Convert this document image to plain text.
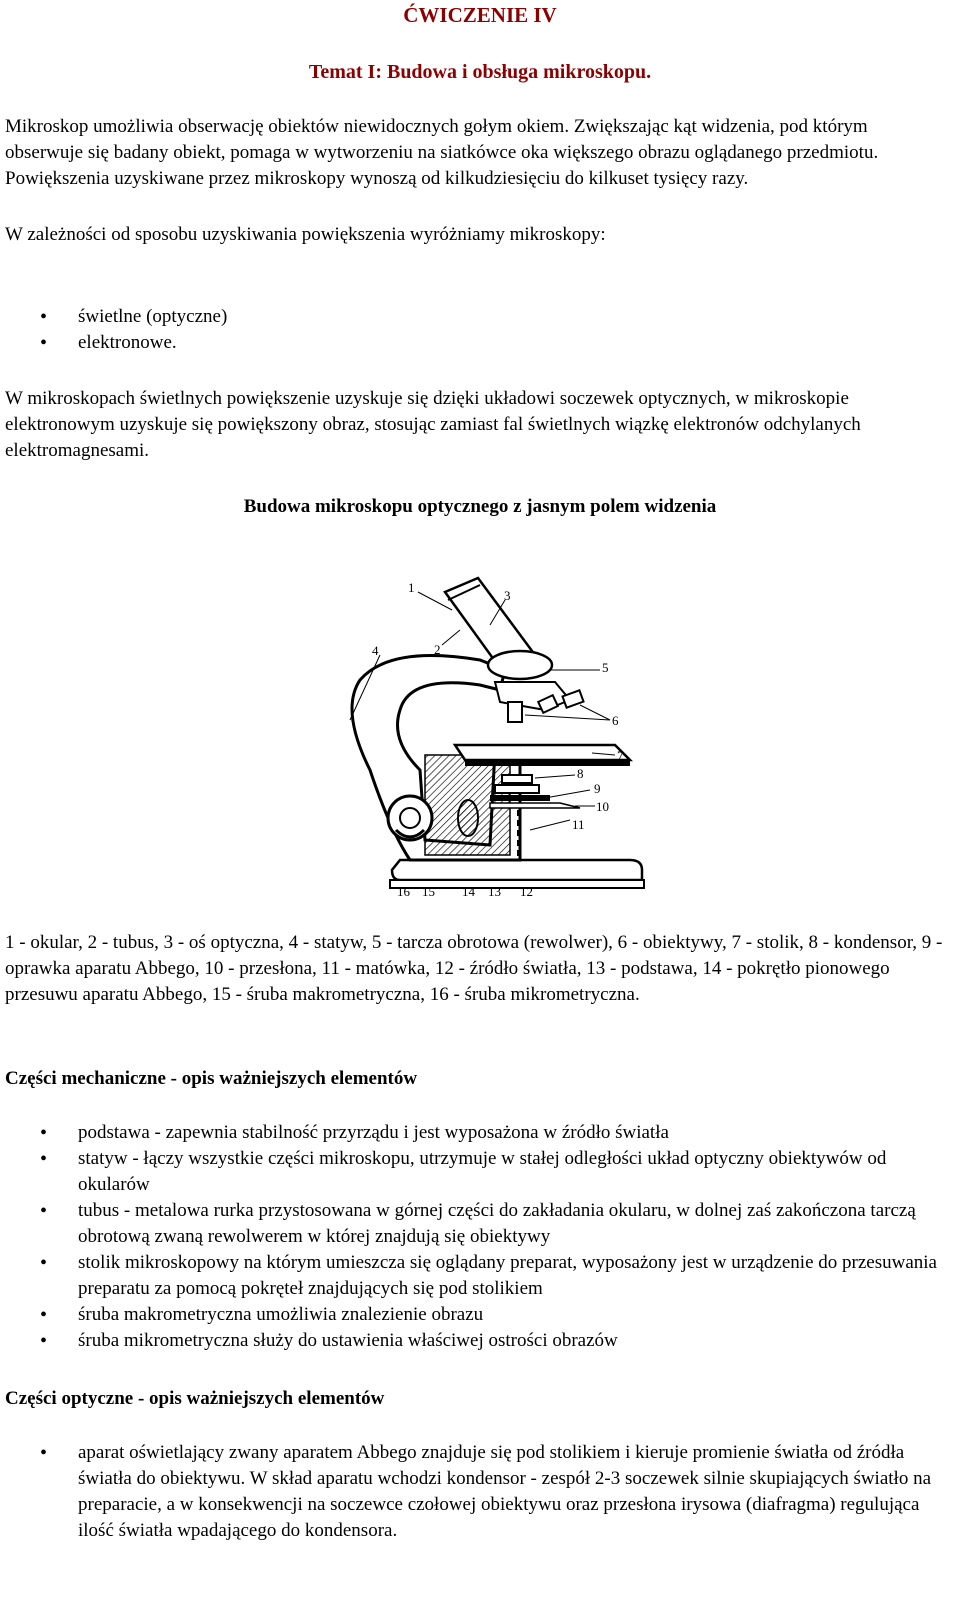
ĆWICZENIE IV
Temat I: Budowa i obsługa mikroskopu.

Mikroskop umożliwia obserwację obiektów niewidocznych gołym okiem. Zwiększając kąt widzenia, pod którym obserwuje się badany obiekt, pomaga w wytworzeniu na siatkówce oka większego obrazu oglądanego przedmiotu. Powiększenia uzyskiwane przez mikroskopy wynoszą od kilkudziesięciu do kilkuset tysięcy razy.

W zależności od sposobu uzyskiwania powiększenia wyróżniamy mikroskopy:

• świetlne (optyczne)
• elektronowe.

W mikroskopach świetlnych powiększenie uzyskuje się dzięki układowi soczewek optycznych, w mikroskopie elektronowym uzyskuje się powiększony obraz, stosując zamiast fal świetlnych wiązkę elektronów odchylanych elektromagnesami.

Budowa mikroskopu optycznego z jasnym polem widzenia
1
2
3
4
5
6
7
8
9
10
11
16 15 14 13 12

1 - okular, 2 - tubus, 3 - oś optyczna, 4 - statyw, 5 - tarcza obrotowa (rewolwer), 6 - obiektywy, 7 - stolik, 8 - kondensor, 9 - oprawka aparatu Abbego, 10 - przesłona, 11 - matówka, 12 - źródło światła, 13 - podstawa, 14 - pokrętło pionowego przesuwu aparatu Abbego, 15 - śruba makrometryczna, 16 - śruba mikrometryczna.

Części mechaniczne - opis ważniejszych elementów

• podstawa - zapewnia stabilność przyrządu i jest wyposażona w źródło światła
• statyw - łączy wszystkie części mikroskopu, utrzymuje w stałej odległości układ optyczny obiektywów od okularów
• tubus - metalowa rurka przystosowana w górnej części do zakładania okularu, w dolnej zaś zakończona tarczą obrotową zwaną rewolwerem w której znajdują się obiektywy
• stolik mikroskopowy na którym umieszcza się oglądany preparat, wyposażony jest w urządzenie do przesuwania preparatu za pomocą pokręteł znajdujących się pod stolikiem
• śruba makrometryczna umożliwia znalezienie obrazu
• śruba mikrometryczna służy do ustawienia właściwej ostrości obrazów

Części optyczne - opis ważniejszych elementów

• aparat oświetlający zwany aparatem Abbego znajduje się pod stolikiem i kieruje promienie światła od źródła światła do obiektywu. W skład aparatu wchodzi kondensor - zespół 2-3 soczewek silnie skupiających światło na preparacie, a w konsekwencji na soczewce czołowej obiektywu oraz przesłona irysowa (diafragma) regulująca ilość światła wpadającego do kondensora.
